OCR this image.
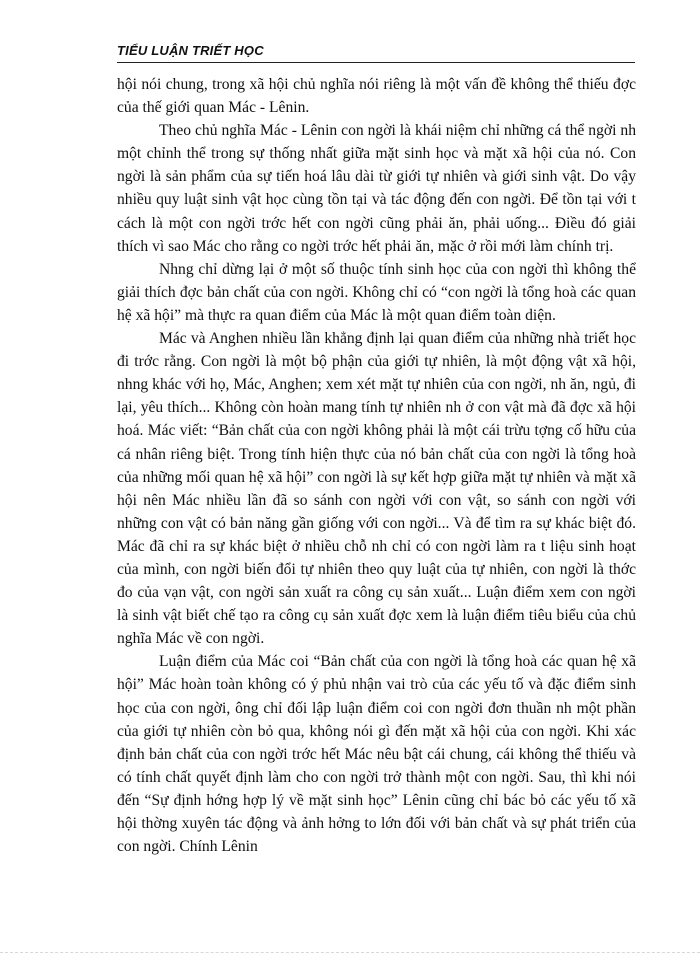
TIỂU LUẬN TRIẾT HỌC

hội nói chung, trong xã hội chủ nghĩa nói riêng là một vấn đề không thể thiếu đợc của thế giới quan Mác - Lênin.

Theo chủ nghĩa Mác - Lênin con ngời là khái niệm chỉ những cá thể ngời nh một chỉnh thể trong sự thống nhất giữa mặt sinh học và mặt xã hội của nó. Con ngời là sản phẩm của sự tiến hoá lâu dài từ giới tự nhiên và giới sinh vật. Do vậy nhiều quy luật sinh vật học cùng tồn tại và tác động đến con ngời. Để tồn tại với t cách là một con ngời trớc hết con ngời cũng phải ăn, phải uống... Điều đó giải thích vì sao Mác cho rằng co ngời trớc hết phải ăn, mặc ở rồi mới làm chính trị.

Nhng chỉ dừng lại ở một số thuộc tính sinh học của con ngời thì không thể giải thích đợc bản chất của con ngời. Không chỉ có “con ngời là tổng hoà các quan hệ xã hội” mà thực ra quan điểm của Mác là một quan điểm toàn diện.

Mác và Anghen nhiều lần khẳng định lại quan điểm của những nhà triết học đi trớc rằng. Con ngời là một bộ phận của giới tự nhiên, là một động vật xã hội, nhng khác với họ, Mác, Anghen; xem xét mặt tự nhiên của con ngời, nh ăn, ngủ, đi lại, yêu thích... Không còn hoàn mang tính tự nhiên nh ở con vật mà đã đợc xã hội hoá. Mác viết: “Bản chất của con ngời không phải là một cái trừu tợng cố hữu của cá nhân riêng biệt. Trong tính hiện thực của nó bản chất của con ngời là tổng hoà của những mối quan hệ xã hội” con ngời là sự kết hợp giữa mặt tự nhiên và mặt xã hội nên Mác nhiều lần đã so sánh con ngời với con vật, so sánh con ngời với những con vật có bản năng gần giống với con ngời... Và để tìm ra sự khác biệt đó. Mác đã chỉ ra sự khác biệt ở nhiều chỗ nh chỉ có con ngời làm ra t liệu sinh hoạt của mình, con ngời biến đổi tự nhiên theo quy luật của tự nhiên, con ngời là thớc đo của vạn vật, con ngời sản xuất ra công cụ sản xuất... Luận điểm xem con ngời là sinh vật biết chế tạo ra công cụ sản xuất đợc xem là luận điểm tiêu biểu của chủ nghĩa Mác về con ngời.

Luận điểm của Mác coi “Bản chất của con ngời là tổng hoà các quan hệ xã hội” Mác hoàn toàn không có ý phủ nhận vai trò của các yếu tố và đặc điểm sinh học của con ngời, ông chỉ đối lập luận điểm coi con ngời đơn thuần nh một phần của giới tự nhiên còn bỏ qua, không nói gì đến mặt xã hội của con ngời. Khi xác định bản chất của con ngời trớc hết Mác nêu bật cái chung, cái không thể thiếu và có tính chất quyết định làm cho con ngời trở thành một con ngời. Sau, thì khi nói đến “Sự định hớng hợp lý về mặt sinh học” Lênin cũng chỉ bác bỏ các yếu tố xã hội thờng xuyên tác động và ảnh hởng to lớn đối với bản chất và sự phát triển của con ngời. Chính Lênin
